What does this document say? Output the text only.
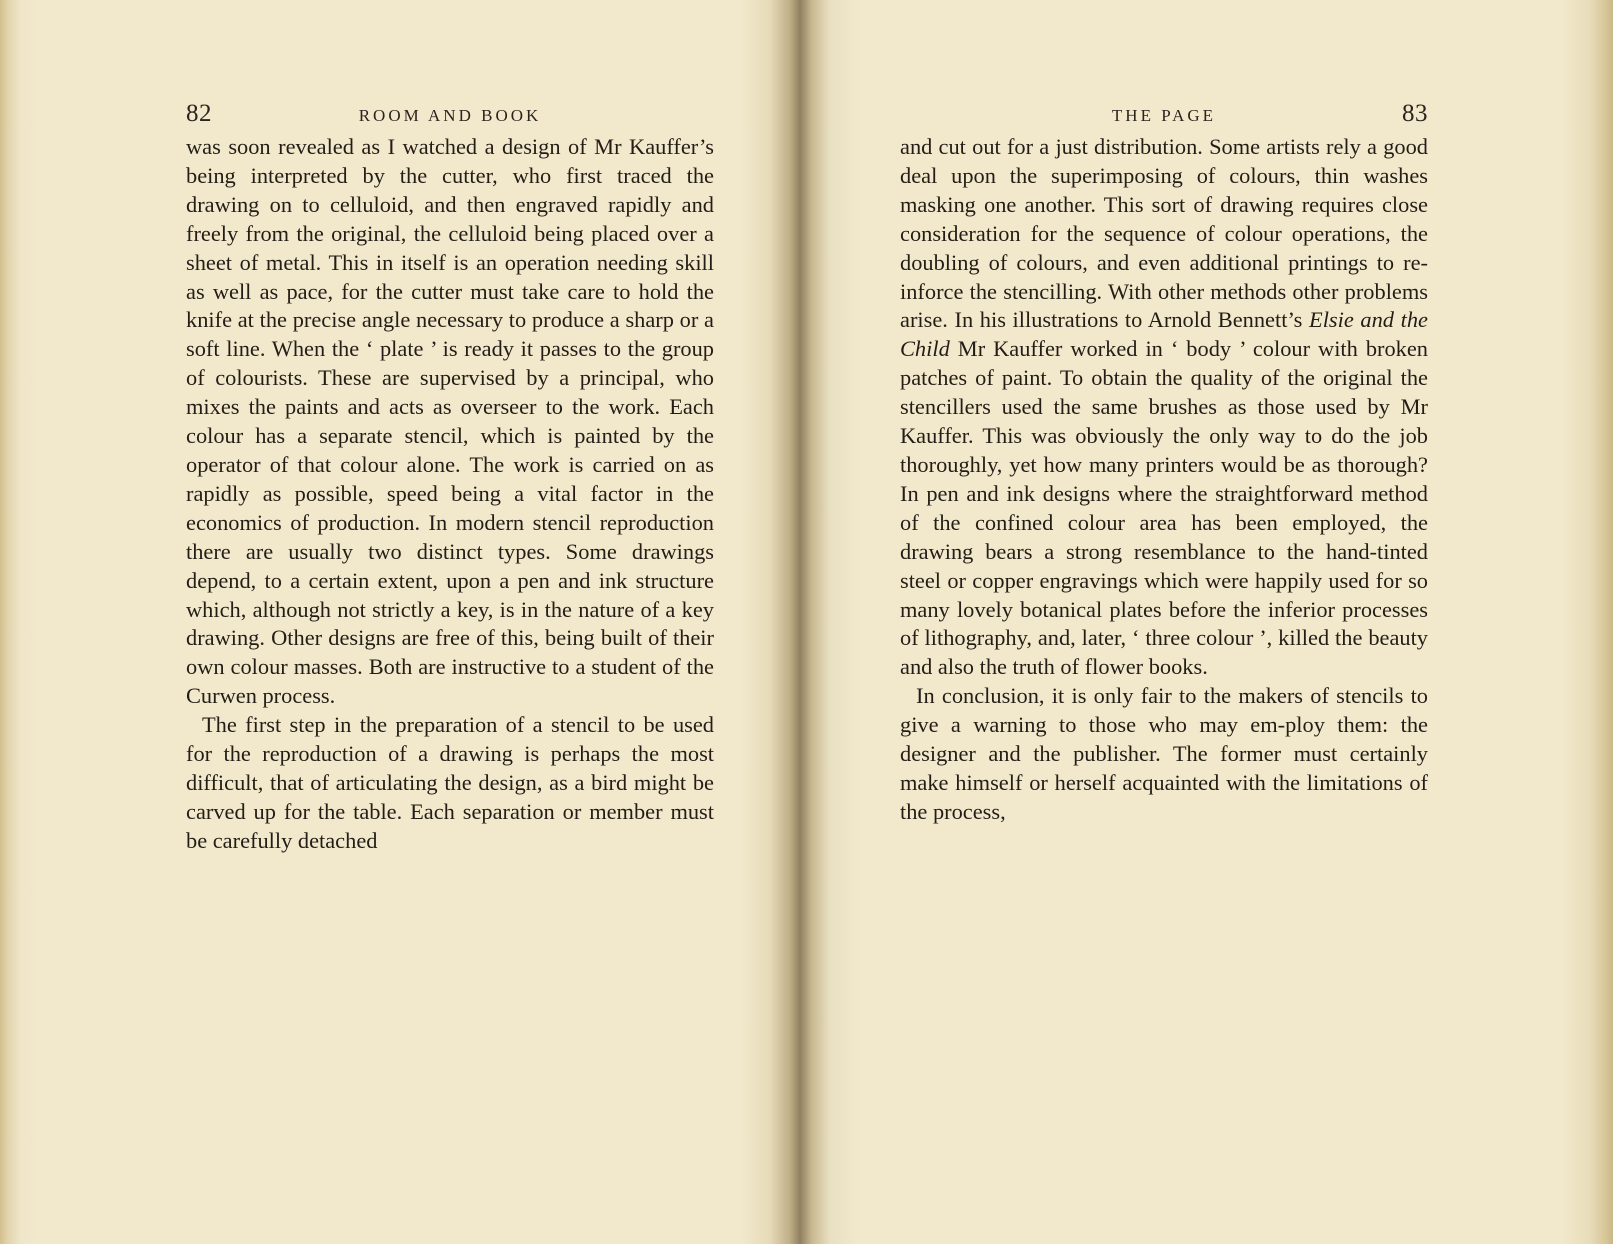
82	ROOM AND BOOK

was soon revealed as I watched a design of Mr Kauffer’s being interpreted by the cutter, who first traced the drawing on to celluloid, and then engraved rapidly and freely from the original, the celluloid being placed over a sheet of metal. This in itself is an operation needing skill as well as pace, for the cutter must take care to hold the knife at the precise angle necessary to produce a sharp or a soft line. When the ‘ plate ’ is ready it passes to the group of colourists. These are supervised by a principal, who mixes the paints and acts as overseer to the work. Each colour has a separate stencil, which is painted by the operator of that colour alone. The work is carried on as rapidly as possible, speed being a vital factor in the economics of production. In modern stencil reproduction there are usually two distinct types. Some drawings depend, to a certain extent, upon a pen and ink structure which, although not strictly a key, is in the nature of a key drawing. Other designs are free of this, being built of their own colour masses. Both are instructive to a student of the Curwen process.

The first step in the preparation of a stencil to be used for the reproduction of a drawing is perhaps the most difficult, that of articulating the design, as a bird might be carved up for the table. Each separation or member must be carefully detached

THE PAGE	83

and cut out for a just distribution. Some artists rely a good deal upon the superimposing of colours, thin washes masking one another. This sort of drawing requires close consideration for the sequence of colour operations, the doubling of colours, and even additional printings to re-inforce the stencilling. With other methods other problems arise. In his illustrations to Arnold Bennett’s Elsie and the Child Mr Kauffer worked in ‘ body ’ colour with broken patches of paint. To obtain the quality of the original the stencillers used the same brushes as those used by Mr Kauffer. This was obviously the only way to do the job thoroughly, yet how many printers would be as thorough? In pen and ink designs where the straightforward method of the confined colour area has been employed, the drawing bears a strong resemblance to the hand-tinted steel or copper engravings which were happily used for so many lovely botanical plates before the inferior processes of lithography, and, later, ‘ three colour ’, killed the beauty and also the truth of flower books.

In conclusion, it is only fair to the makers of stencils to give a warning to those who may em-ploy them: the designer and the publisher. The former must certainly make himself or herself acquainted with the limitations of the process,
